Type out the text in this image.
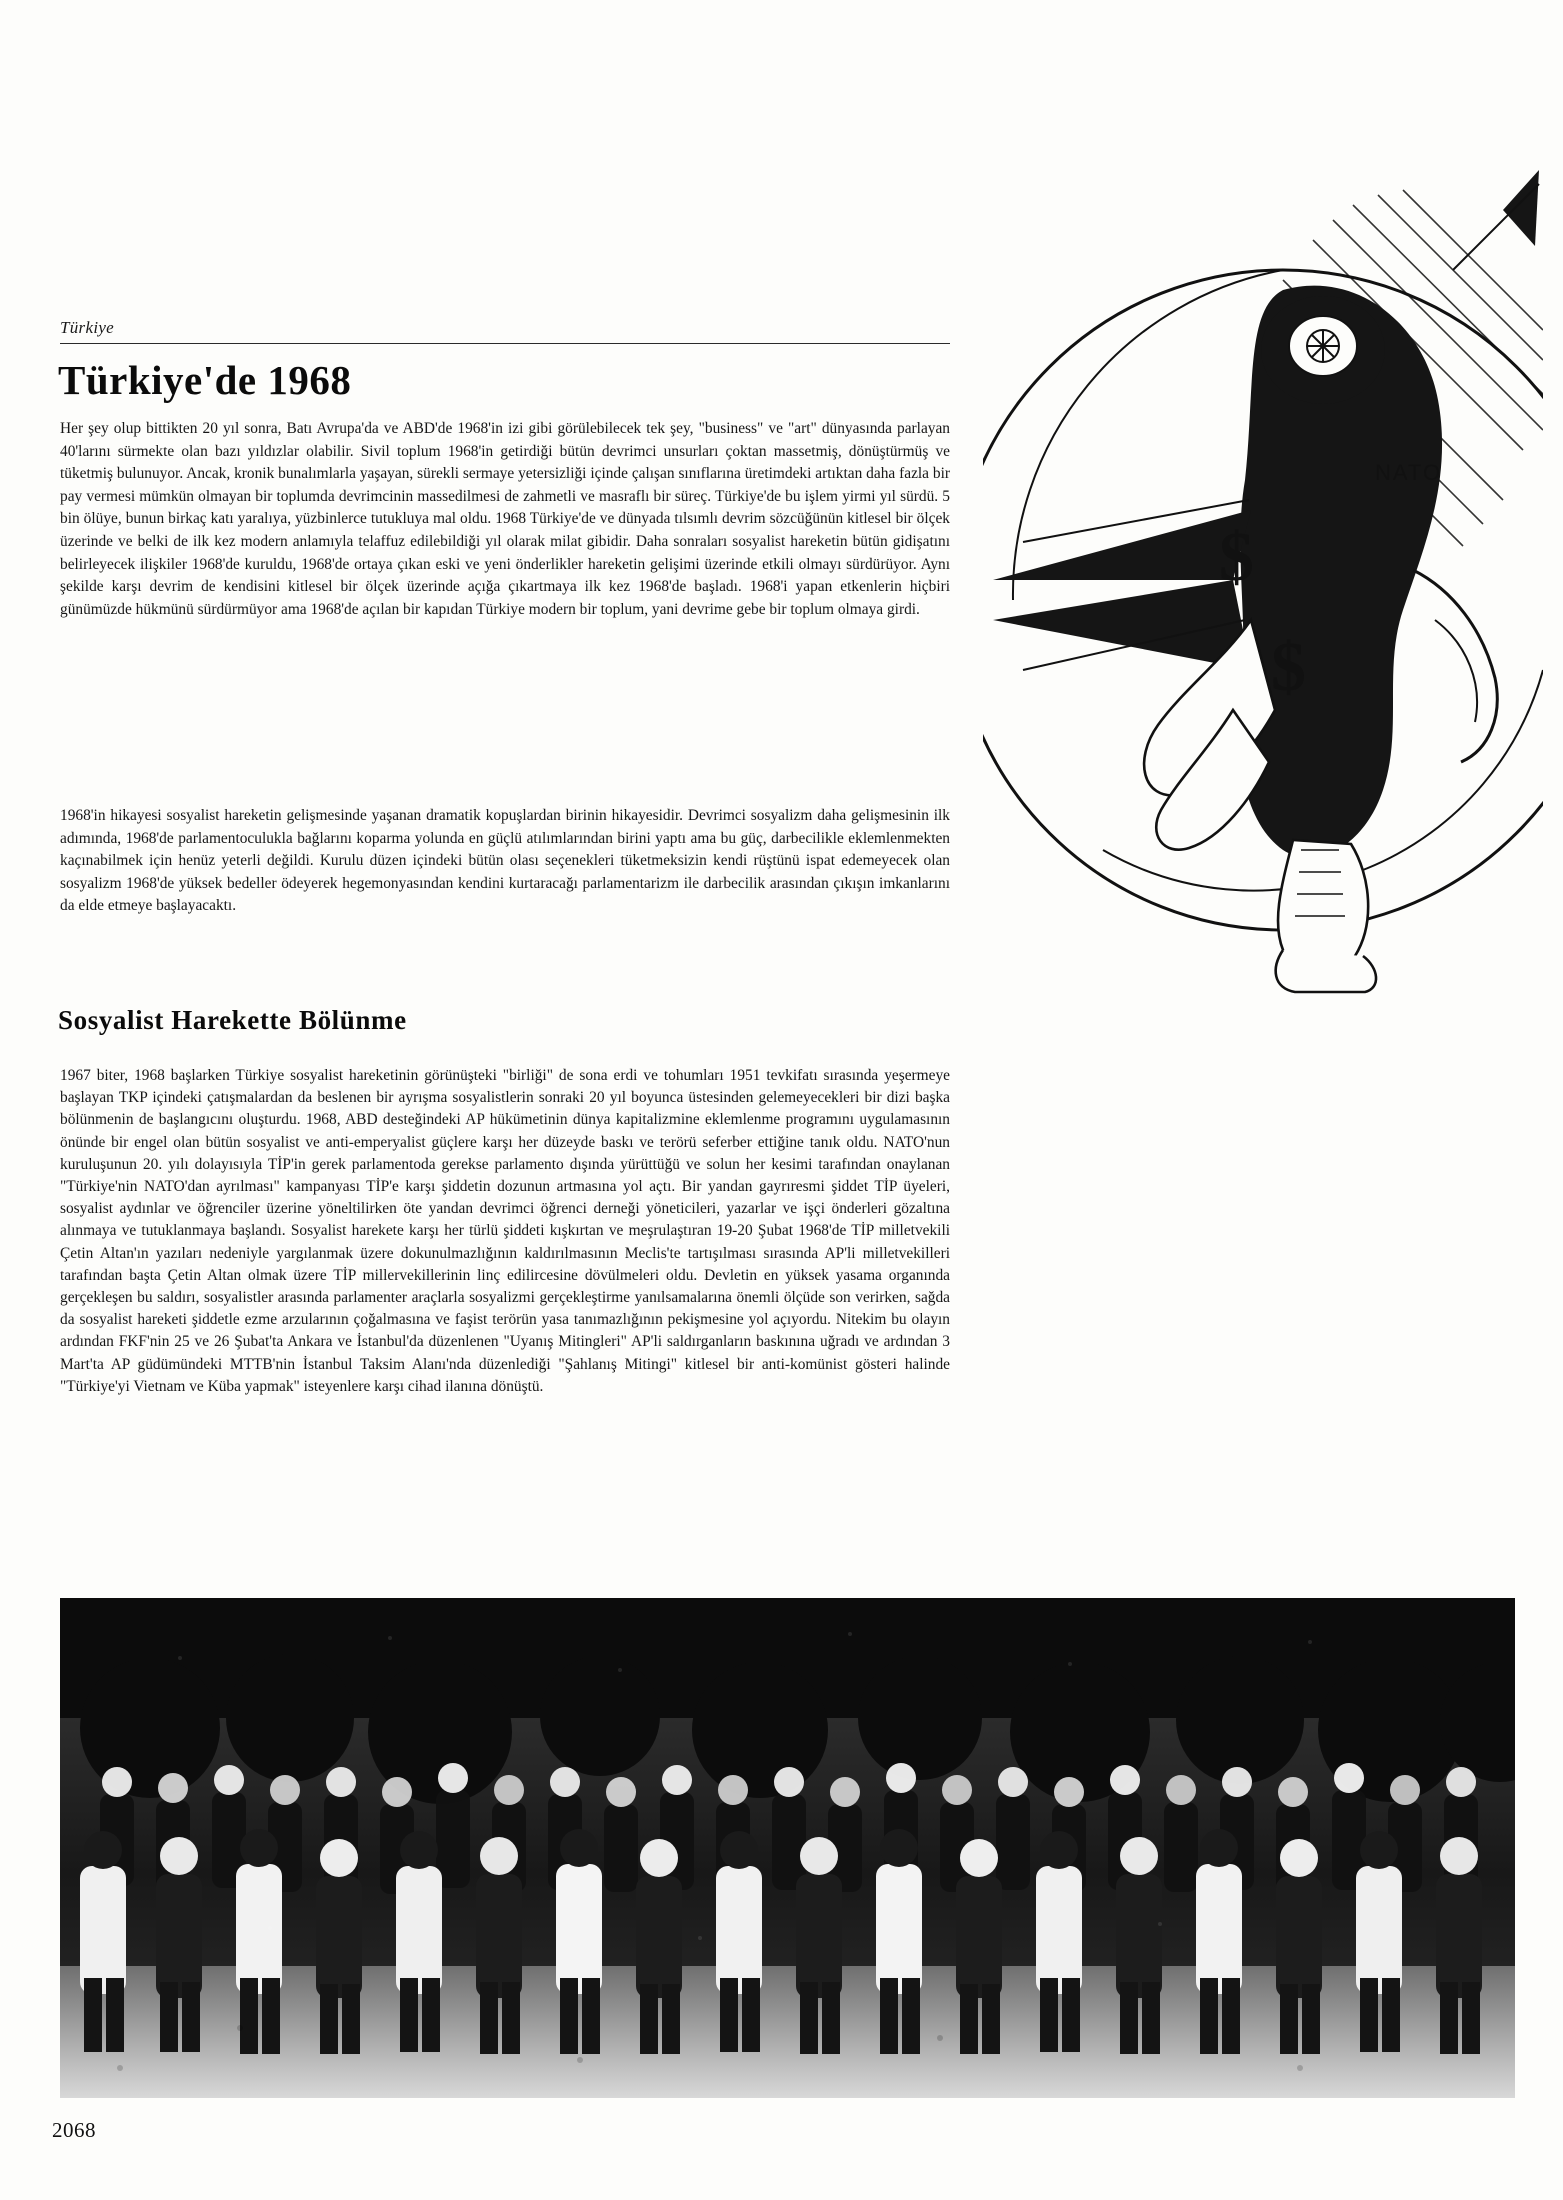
Türkiye
Türkiye'de 1968
NATO
$
$

Her şey olup bittikten 20 yıl sonra, Batı Avrupa'da ve ABD'de 1968'in izi gibi görülebilecek tek şey, "business" ve "art" dünyasında parlayan 40'larını sürmekte olan bazı yıldızlar olabilir. Sivil toplum 1968'in getirdiği bütün devrimci unsurları çoktan massetmiş, dönüştürmüş ve tüketmiş bulunuyor. Ancak, kronik bunalımlarla yaşayan, sürekli sermaye yetersizliği içinde çalışan sınıflarına üretimdeki artıktan daha fazla bir pay vermesi mümkün olmayan bir toplumda devrimcinin massedilmesi de zahmetli ve masraflı bir süreç. Türkiye'de bu işlem yirmi yıl sürdü. 5 bin ölüye, bunun birkaç katı yaralıya, yüzbinlerce tutukluya mal oldu. 1968 Türkiye'de ve dünyada tılsımlı devrim sözcüğünün kitlesel bir ölçek üzerinde ve belki de ilk kez modern anlamıyla telaffuz edilebildiği yıl olarak milat gibidir. Daha sonraları sosyalist hareketin bütün gidişatını belirleyecek ilişkiler 1968'de kuruldu, 1968'de ortaya çıkan eski ve yeni önderlikler hareketin gelişimi üzerinde etkili olmayı sürdürüyor. Aynı şekilde karşı devrim de kendisini kitlesel bir ölçek üzerinde açığa çıkartmaya ilk kez 1968'de başladı. 1968'i yapan etkenlerin hiçbiri günümüzde hükmünü sürdürmüyor ama 1968'de açılan bir kapıdan Türkiye modern bir toplum, yani devrime gebe bir toplum olmaya girdi.

1968'in hikayesi sosyalist hareketin gelişmesinde yaşanan dramatik kopuşlardan birinin hikayesidir. Devrimci sosyalizm daha gelişmesinin ilk adımında, 1968'de parlamentoculukla bağlarını koparma yolunda en güçlü atılımlarından birini yaptı ama bu güç, darbecilikle eklemlenmekten kaçınabilmek için henüz yeterli değildi. Kurulu düzen içindeki bütün olası seçenekleri tüketmeksizin kendi rüştünü ispat edemeyecek olan sosyalizm 1968'de yüksek bedeller ödeyerek hegemonyasından kendini kurtaracağı parlamentarizm ile darbecilik arasından çıkışın imkanlarını da elde etmeye başlayacaktı.

Sosyalist Harekette Bölünme

1967 biter, 1968 başlarken Türkiye sosyalist hareketinin görünüşteki "birliği" de sona erdi ve tohumları 1951 tevkifatı sırasında yeşermeye başlayan TKP içindeki çatışmalardan da beslenen bir ayrışma sosyalistlerin sonraki 20 yıl boyunca üstesinden gelemeyecekleri bir dizi başka bölünmenin de başlangıcını oluşturdu. 1968, ABD desteğindeki AP hükümetinin dünya kapitalizmine eklemlenme programını uygulamasının önünde bir engel olan bütün sosyalist ve anti-emperyalist güçlere karşı her düzeyde baskı ve terörü seferber ettiğine tanık oldu. NATO'nun kuruluşunun 20. yılı dolayısıyla TİP'in gerek parlamentoda gerekse parlamento dışında yürüttüğü ve solun her kesimi tarafından onaylanan "Türkiye'nin NATO'dan ayrılması" kampanyası TİP'e karşı şiddetin dozunun artmasına yol açtı. Bir yandan gayrıresmi şiddet TİP üyeleri, sosyalist aydınlar ve öğrenciler üzerine yöneltilirken öte yandan devrimci öğrenci derneği yöneticileri, yazarlar ve işçi önderleri gözaltına alınmaya ve tutuklanmaya başlandı. Sosyalist harekete karşı her türlü şiddeti kışkırtan ve meşrulaştıran 19-20 Şubat 1968'de TİP milletvekili Çetin Altan'ın yazıları nedeniyle yargılanmak üzere dokunulmazlığının kaldırılmasının Meclis'te tartışılması sırasında AP'li milletvekilleri tarafından başta Çetin Altan olmak üzere TİP millervekillerinin linç edilircesine dövülmeleri oldu. Devletin en yüksek yasama organında gerçekleşen bu saldırı, sosyalistler arasında parlamenter araçlarla sosyalizmi gerçekleştirme yanılsamalarına önemli ölçüde son verirken, sağda da sosyalist hareketi şiddetle ezme arzularının çoğalmasına ve faşist terörün yasa tanımazlığının pekişmesine yol açıyordu. Nitekim bu olayın ardından FKF'nin 25 ve 26 Şubat'ta Ankara ve İstanbul'da düzenlenen "Uyanış Mitingleri" AP'li saldırganların baskınına uğradı ve ardından 3 Mart'ta AP güdümündeki MTTB'nin İstanbul Taksim Alanı'nda düzenlediği "Şahlanış Mitingi" kitlesel bir anti-komünist gösteri halinde "Türkiye'yi Vietnam ve Küba yapmak" isteyenlere karşı cihad ilanına dönüştü.

2068
